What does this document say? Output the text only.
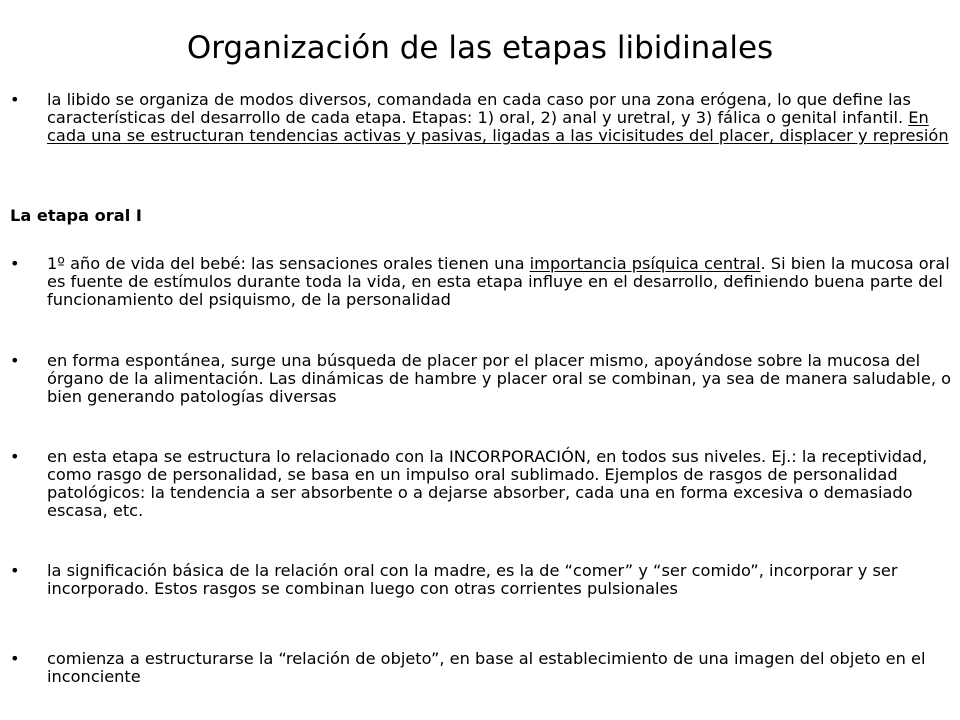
Organización de las etapas libidinales
•	la libido se organiza de modos diversos, comandada en cada caso por una zona erógena, lo que define las características del desarrollo de cada etapa. Etapas: 1) oral, 2) anal y uretral, y 3) fálica o genital infantil. En cada una se estructuran tendencias activas y pasivas, ligadas a las vicisitudes del placer, displacer y represión
La etapa oral I
•	1º año de vida del bebé: las sensaciones orales tienen una importancia psíquica central. Si bien la mucosa oral es fuente de estímulos durante toda la vida, en esta etapa influye en el desarrollo, definiendo buena parte del funcionamiento del psiquismo, de la personalidad
•	en forma espontánea, surge una búsqueda de placer por el placer mismo, apoyándose sobre la mucosa del órgano de la alimentación. Las dinámicas de hambre y placer oral se combinan, ya sea de manera saludable, o bien generando patologías diversas
•	en esta etapa se estructura lo relacionado con la INCORPORACIÓN, en todos sus niveles. Ej.: la receptividad, como rasgo de personalidad, se basa en un impulso oral sublimado. Ejemplos de rasgos de personalidad patológicos: la tendencia a ser absorbente o a dejarse absorber, cada una en forma excesiva o demasiado escasa, etc.
•	la significación básica de la relación oral con la madre, es la de “comer” y “ser comido”, incorporar y ser incorporado. Estos rasgos se combinan luego con otras corrientes pulsionales
•	comienza a estructurarse la “relación de objeto”, en base al establecimiento de una imagen del objeto en el inconciente
